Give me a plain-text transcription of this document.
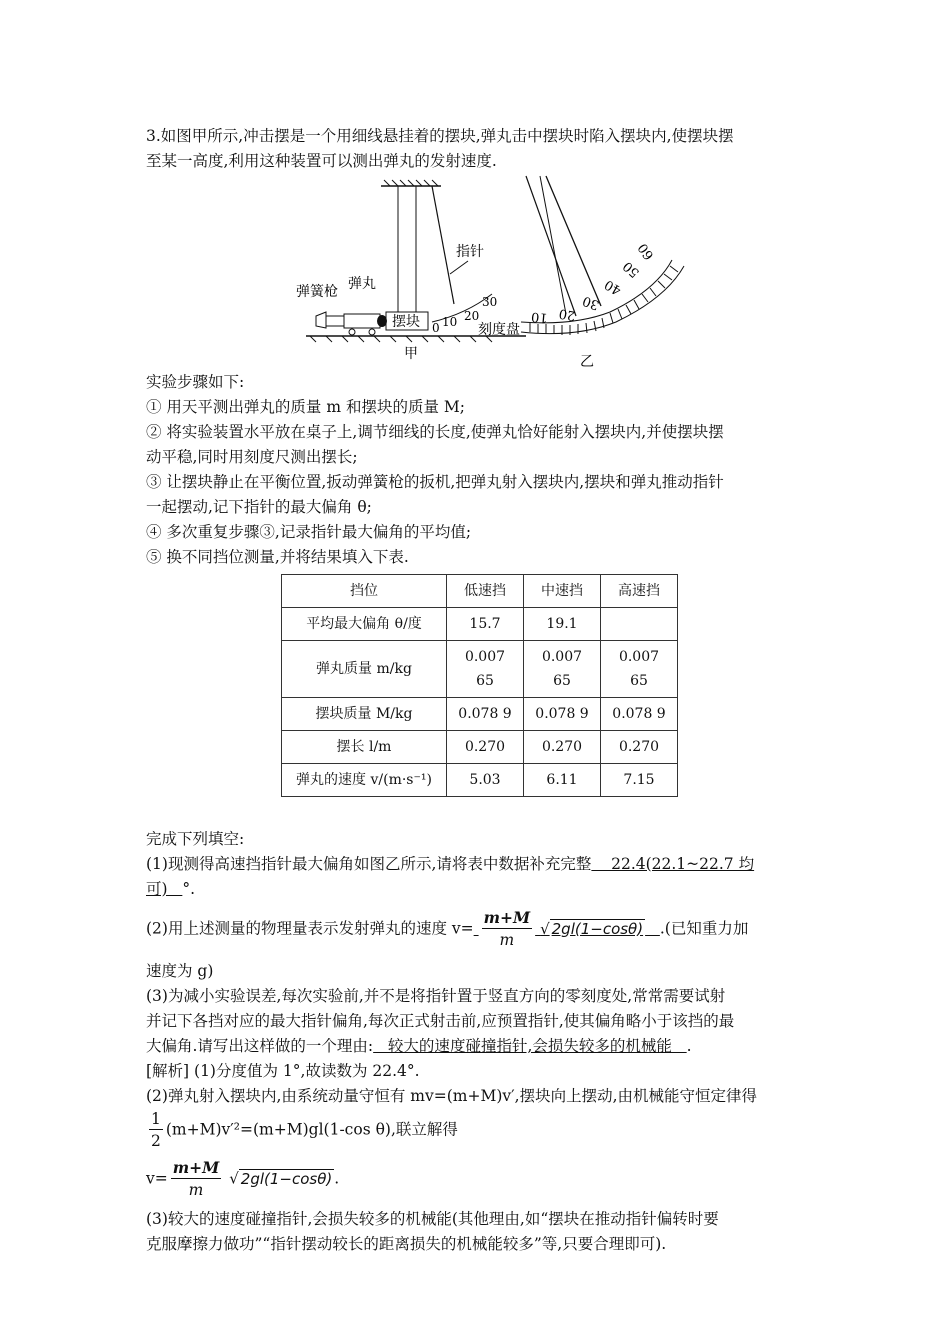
3.如图甲所示,冲击摆是一个用细线悬挂着的摆块,弹丸击中摆块时陷入摆块内,使摆块摆

至某一高度,利用这种装置可以测出弹丸的发射速度.

弹簧枪 弹丸
指针
摆块	刻度盘
甲
0 10 20
30
10 20
30
40
50
60
乙

实验步骤如下:

① 用天平测出弹丸的质量 m 和摆块的质量 M;

② 将实验装置水平放在桌子上,调节细线的长度,使弹丸恰好能射入摆块内,并使摆块摆

动平稳,同时用刻度尺测出摆长;

③ 让摆块静止在平衡位置,扳动弹簧枪的扳机,把弹丸射入摆块内,摆块和弹丸推动指针

一起摆动,记下指针的最大偏角 θ;

④ 多次重复步骤③,记录指针最大偏角的平均值;

⑤ 换不同挡位测量,并将结果填入下表.

挡位	低速挡	中速挡	高速挡
平均最大偏角 θ/度	15.7	19.1	
弹丸质量 m/kg	0.007 65	0.007 65	0.007 65
摆块质量 M/kg	0.078 9	0.078 9	0.078 9
摆长 l/m	0.270	0.270	0.270
弹丸的速度 v/(m·s⁻¹)	5.03	6.11	7.15

完成下列填空:

(1)现测得高速挡指针最大偏角如图乙所示,请将表中数据补充完整    22.4(22.1~22.7 均

可)   °.

(2)用上述测量的物理量表示发射弹丸的速度 $v= \frac{m+M}{m}$ √ 2gl(1−cosθ) .(已知重力加

速度为 g)

(3)为减小实验误差,每次实验前,并不是将指针置于竖直方向的零刻度处,常常需要试射

并记下各挡对应的最大指针偏角,每次正式射击前,应预置指针,使其偏角略小于该挡的最

大偏角.请写出这样做的一个理由:   较大的速度碰撞指针,会损失较多的机械能   .

[解析] (1)分度值为 1°,故读数为 22.4°.

(2)弹丸射入摆块内,由系统动量守恒有 mv=(m+M)v′,摆块向上摆动,由机械能守恒定律得

$\frac{1}{2} (m+M)v'^2=(m+M)gl(1-\cos$ θ),联立解得

$v= \frac{m+M}{m}$ √ 2gl(1−cosθ) .

(3)较大的速度碰撞指针,会损失较多的机械能(其他理由,如“摆块在推动指针偏转时要

克服摩擦力做功”“指针摆动较长的距离损失的机械能较多”等,只要合理即可).
